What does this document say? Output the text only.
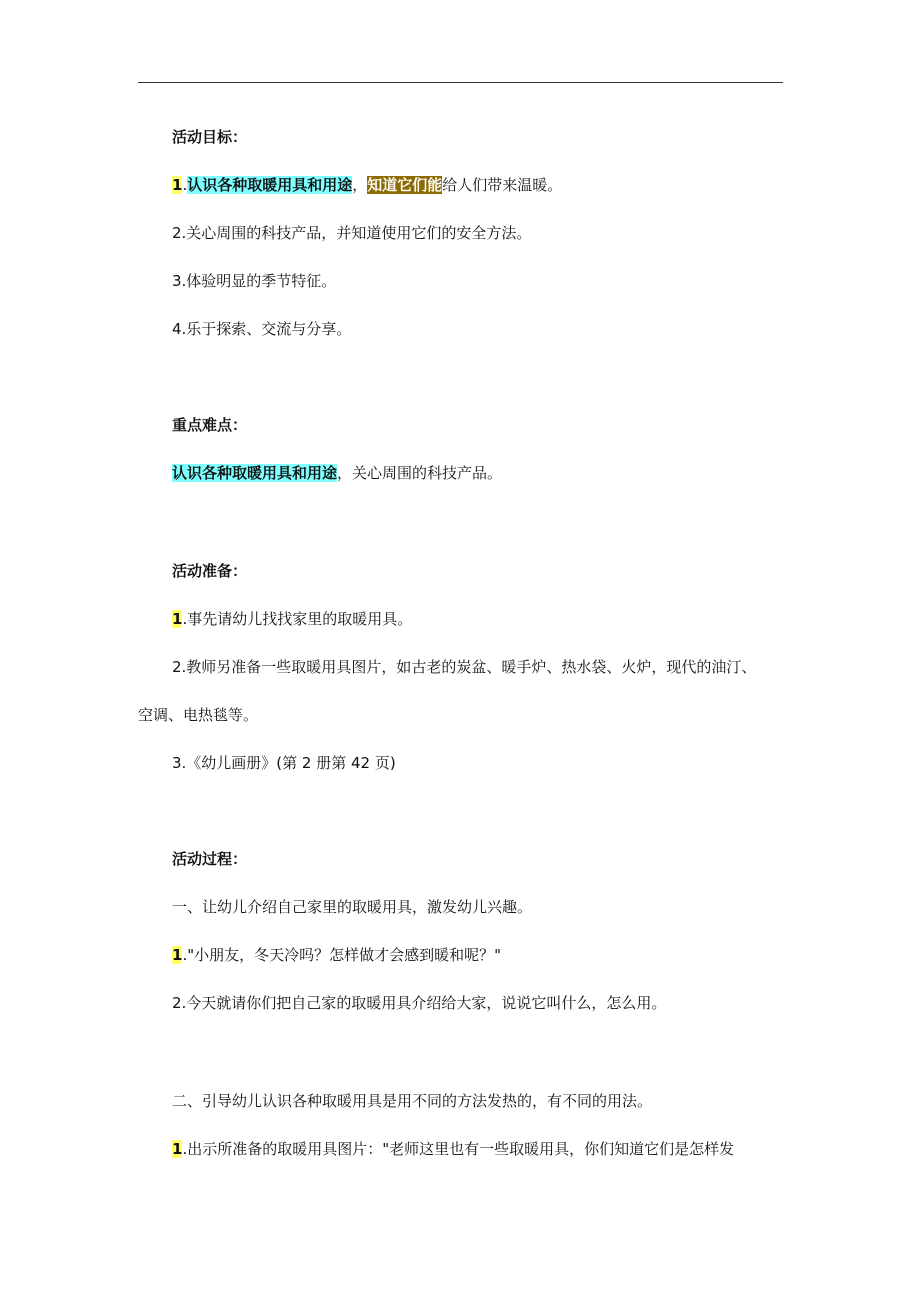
活动目标：
1.认识各种取暖用具和用途，知道它们能给人们带来温暖。
2.关心周围的科技产品，并知道使用它们的安全方法。
3.体验明显的季节特征。
4.乐于探索、交流与分享。
重点难点：
认识各种取暖用具和用途，关心周围的科技产品。
活动准备：
1.事先请幼儿找找家里的取暖用具。
2.教师另准备一些取暖用具图片，如古老的炭盆、暖手炉、热水袋、火炉，现代的油汀、
空调、电热毯等。
3.《幼儿画册》(第 2 册第 42 页)
活动过程：
一、让幼儿介绍自己家里的取暖用具，激发幼儿兴趣。
1."小朋友，冬天冷吗？怎样做才会感到暖和呢？"
2.今天就请你们把自己家的取暖用具介绍给大家，说说它叫什么，怎么用。
二、引导幼儿认识各种取暖用具是用不同的方法发热的，有不同的用法。
1.出示所准备的取暖用具图片："老师这里也有一些取暖用具，你们知道它们是怎样发
